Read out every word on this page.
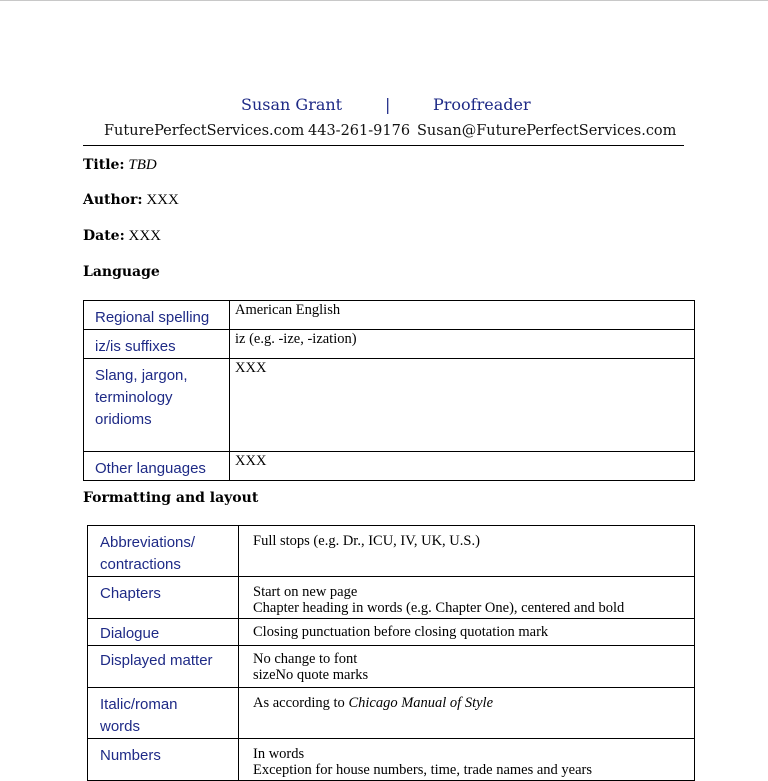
Susan Grant	|	Proofreader
FuturePerfectServices.com 443-261-9176 Susan@FuturePerfectServices.com
Title: TBD
Author: XXX
Date: XXX
Language
Regional spelling	American English
iz/is suffixes	iz (e.g. -ize, -ization)
Slang, jargon, terminology oridioms	XXX
Other languages	XXX
Formatting and layout
Abbreviations/ contractions	Full stops (e.g. Dr., ICU, IV, UK, U.S.)
Chapters	Start on new page
Chapter heading in words (e.g. Chapter One), centered and bold

Dialogue	Closing punctuation before closing quotation mark
Displayed matter	No change to font
sizeNo quote marks

Italic/roman words	As according to Chicago Manual of Style
Numbers	In words
Exception for house numbers, time, trade names and years
